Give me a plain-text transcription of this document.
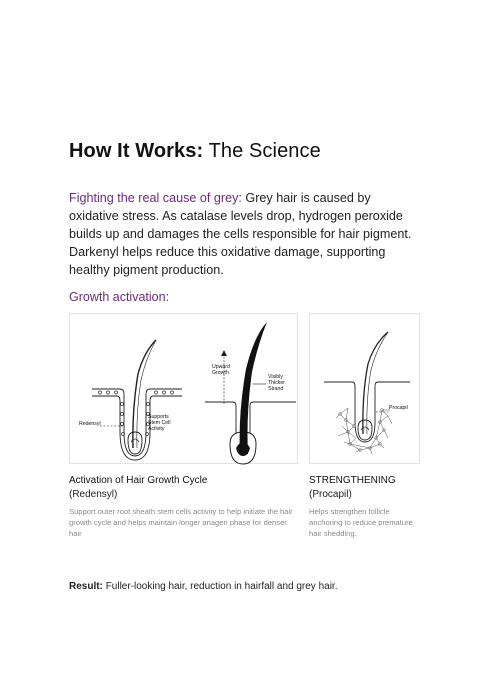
How It Works: The Science
Fighting the real cause of grey: Grey hair is caused by oxidative stress. As catalase levels drop, hydrogen peroxide builds up and damages the cells responsible for hair pigment. Darkenyl helps reduce this oxidative damage, supporting healthy pigment production.
Growth activation:
Redensyl
Supports
Stem Cell
Activity
Upward
Growth
Visibly
Thicker
Strand
Procapil
Activation of Hair Growth Cycle
(Redensyl)
Support outer root sheath stem cells activity to help initiate the hair growth cycle and helps maintain longer anagen phase for denser hair
STRENGTHENING
(Procapil)
Helps strengthen follicle anchoring to reduce premature hair shedding.
Result: Fuller-looking hair, reduction in hairfall and grey hair.
